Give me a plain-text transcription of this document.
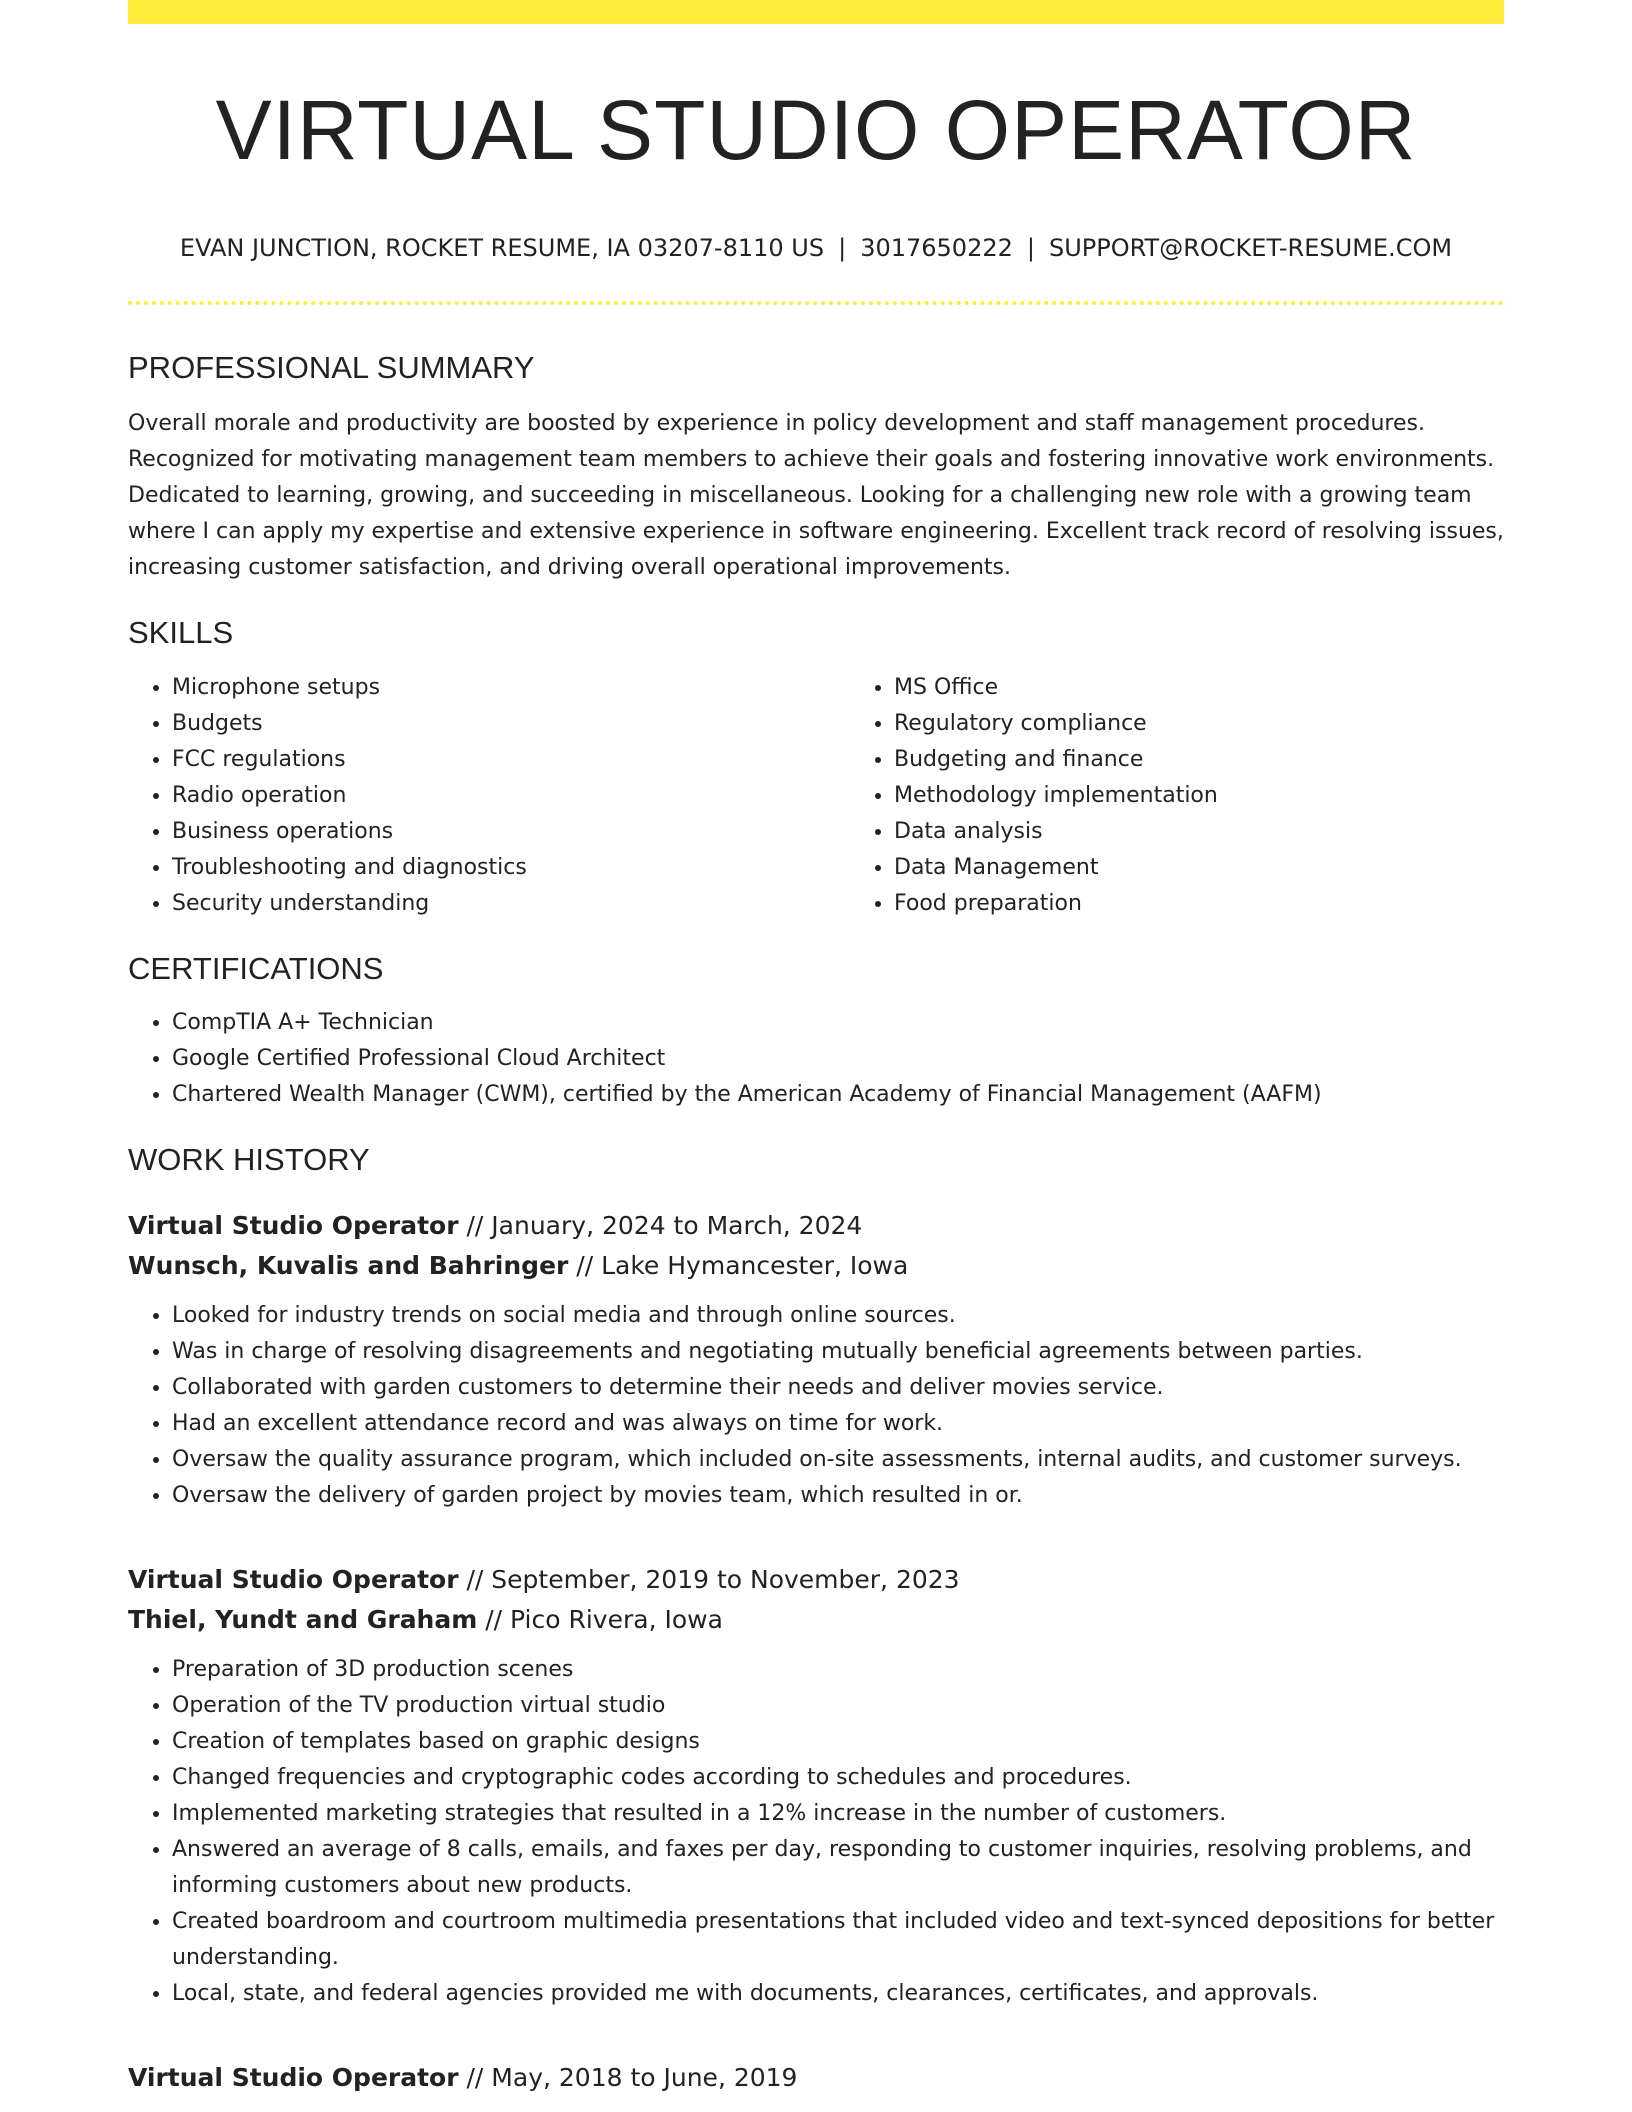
VIRTUAL STUDIO OPERATOR
EVAN JUNCTION, ROCKET RESUME, IA 03207-8110 US | 3017650222 | SUPPORT@ROCKET-RESUME.COM
PROFESSIONAL SUMMARY

Overall morale and productivity are boosted by experience in policy development and staff management procedures. Recognized for motivating management team members to achieve their goals and fostering innovative work environments. Dedicated to learning, growing, and succeeding in miscellaneous. Looking for a challenging new role with a growing team where I can apply my expertise and extensive experience in software engineering. Excellent track record of resolving issues, increasing customer satisfaction, and driving overall operational improvements.

SKILLS
• Microphone setups
• Budgets
• FCC regulations
• Radio operation
• Business operations
• Troubleshooting and diagnostics
• Security understanding
• MS Office
• Regulatory compliance
• Budgeting and finance
• Methodology implementation
• Data analysis
• Data Management
• Food preparation
CERTIFICATIONS
• CompTIA A+ Technician
• Google Certified Professional Cloud Architect
• Chartered Wealth Manager (CWM), certified by the American Academy of Financial Management (AAFM)
WORK HISTORY
Virtual Studio Operator // January, 2024 to March, 2024
Wunsch, Kuvalis and Bahringer // Lake Hymancester, Iowa
• Looked for industry trends on social media and through online sources.
• Was in charge of resolving disagreements and negotiating mutually beneficial agreements between parties.
• Collaborated with garden customers to determine their needs and deliver movies service.
• Had an excellent attendance record and was always on time for work.
• Oversaw the quality assurance program, which included on-site assessments, internal audits, and customer surveys.
• Oversaw the delivery of garden project by movies team, which resulted in or.
Virtual Studio Operator // September, 2019 to November, 2023
Thiel, Yundt and Graham // Pico Rivera, Iowa
• Preparation of 3D production scenes
• Operation of the TV production virtual studio
• Creation of templates based on graphic designs
• Changed frequencies and cryptographic codes according to schedules and procedures.
• Implemented marketing strategies that resulted in a 12% increase in the number of customers.
• Answered an average of 8 calls, emails, and faxes per day, responding to customer inquiries, resolving problems, and informing customers about new products.
• Created boardroom and courtroom multimedia presentations that included video and text-synced depositions for better understanding.
• Local, state, and federal agencies provided me with documents, clearances, certificates, and approvals.
Virtual Studio Operator // May, 2018 to June, 2019
